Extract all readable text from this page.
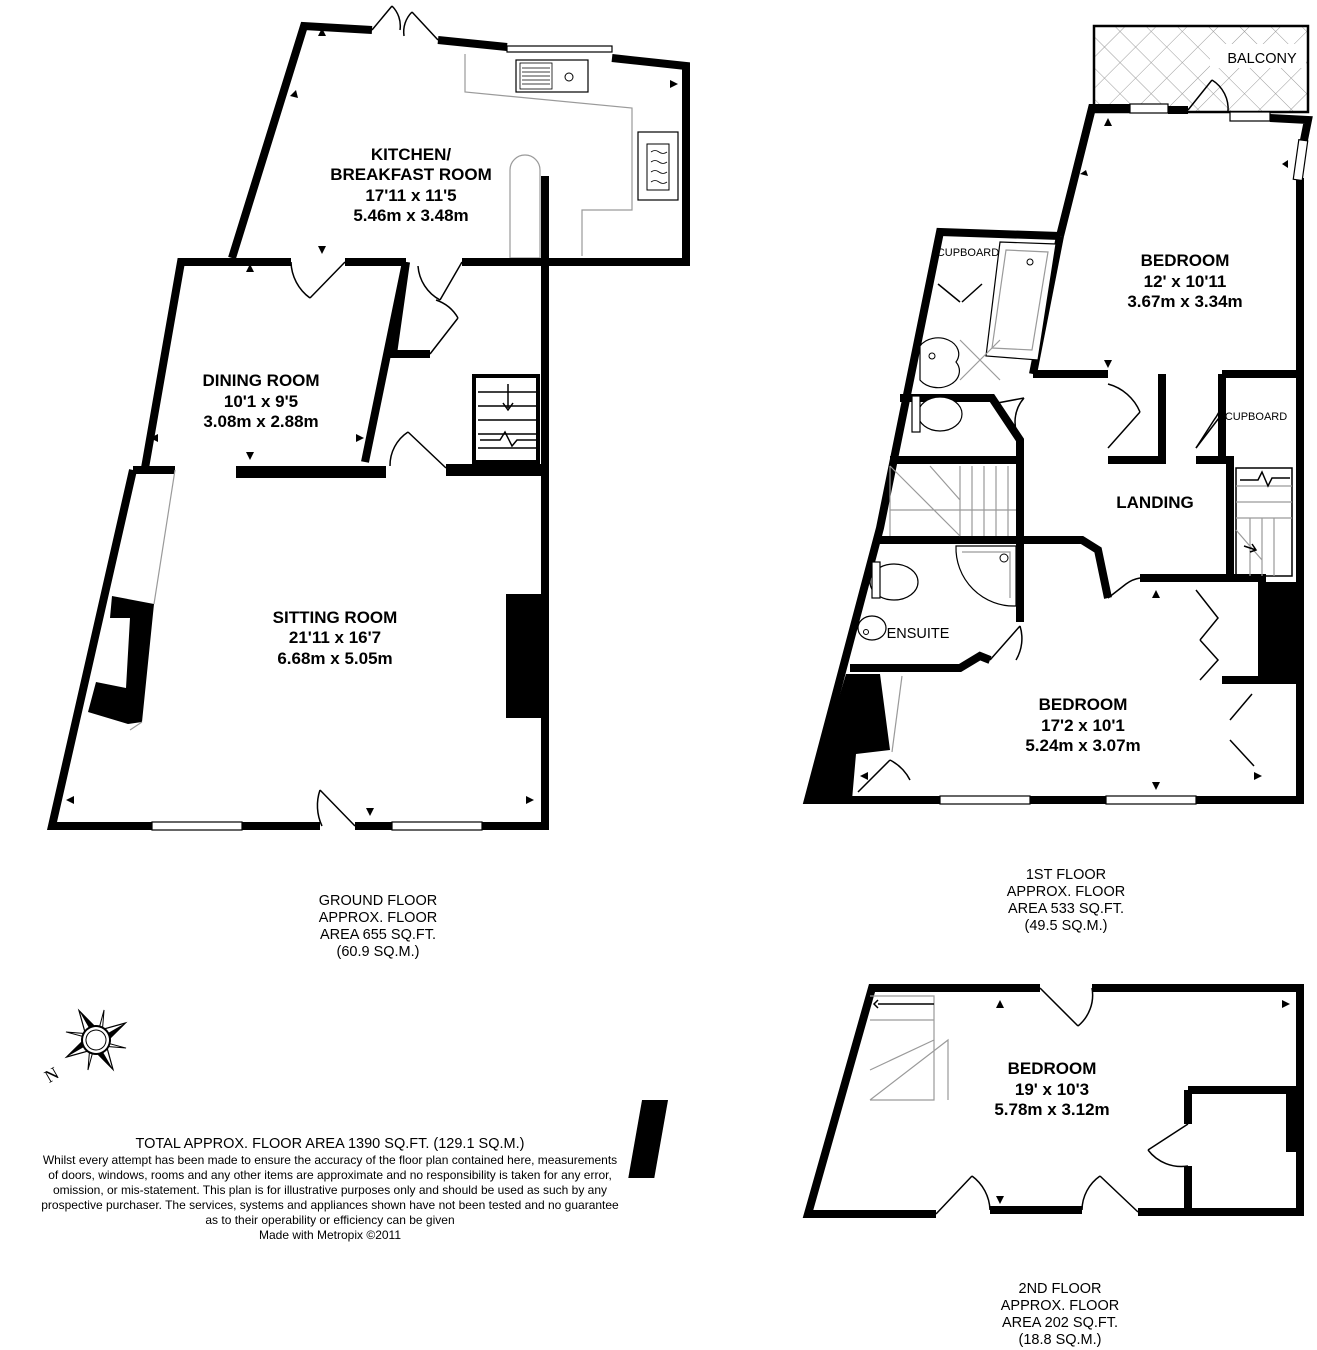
KITCHEN/
BREAKFAST ROOM
17'11 x 11'5
5.46m x 3.48m
DINING ROOM
10'1 x 9'5
3.08m x 2.88m
SITTING ROOM
21'11 x 16'7
6.68m x 5.05m
GROUND FLOOR
APPROX. FLOOR
AREA 655 SQ.FT.
(60.9 SQ.M.)
BALCONY
CUPBOARD
CUPBOARD
BEDROOM
12' x 10'11
3.67m x 3.34m
LANDING
ENSUITE
BEDROOM
17'2 x 10'1
5.24m x 3.07m
1ST FLOOR
APPROX. FLOOR
AREA 533 SQ.FT.
(49.5 SQ.M.)
BEDROOM
19' x 10'3
5.78m x 3.12m
2ND FLOOR
APPROX. FLOOR
AREA 202 SQ.FT.
(18.8 SQ.M.)
N
TOTAL APPROX. FLOOR AREA 1390 SQ.FT. (129.1 SQ.M.)
Whilst every attempt has been made to ensure the accuracy of the floor plan contained here, measurements
of doors, windows, rooms and any other items are approximate and no responsibility is taken for any error,
omission, or mis-statement. This plan is for illustrative purposes only and should be used as such by any
prospective purchaser. The services, systems and appliances shown have not been tested and no guarantee
as to their operability or efficiency can be given
Made with Metropix ©2011
